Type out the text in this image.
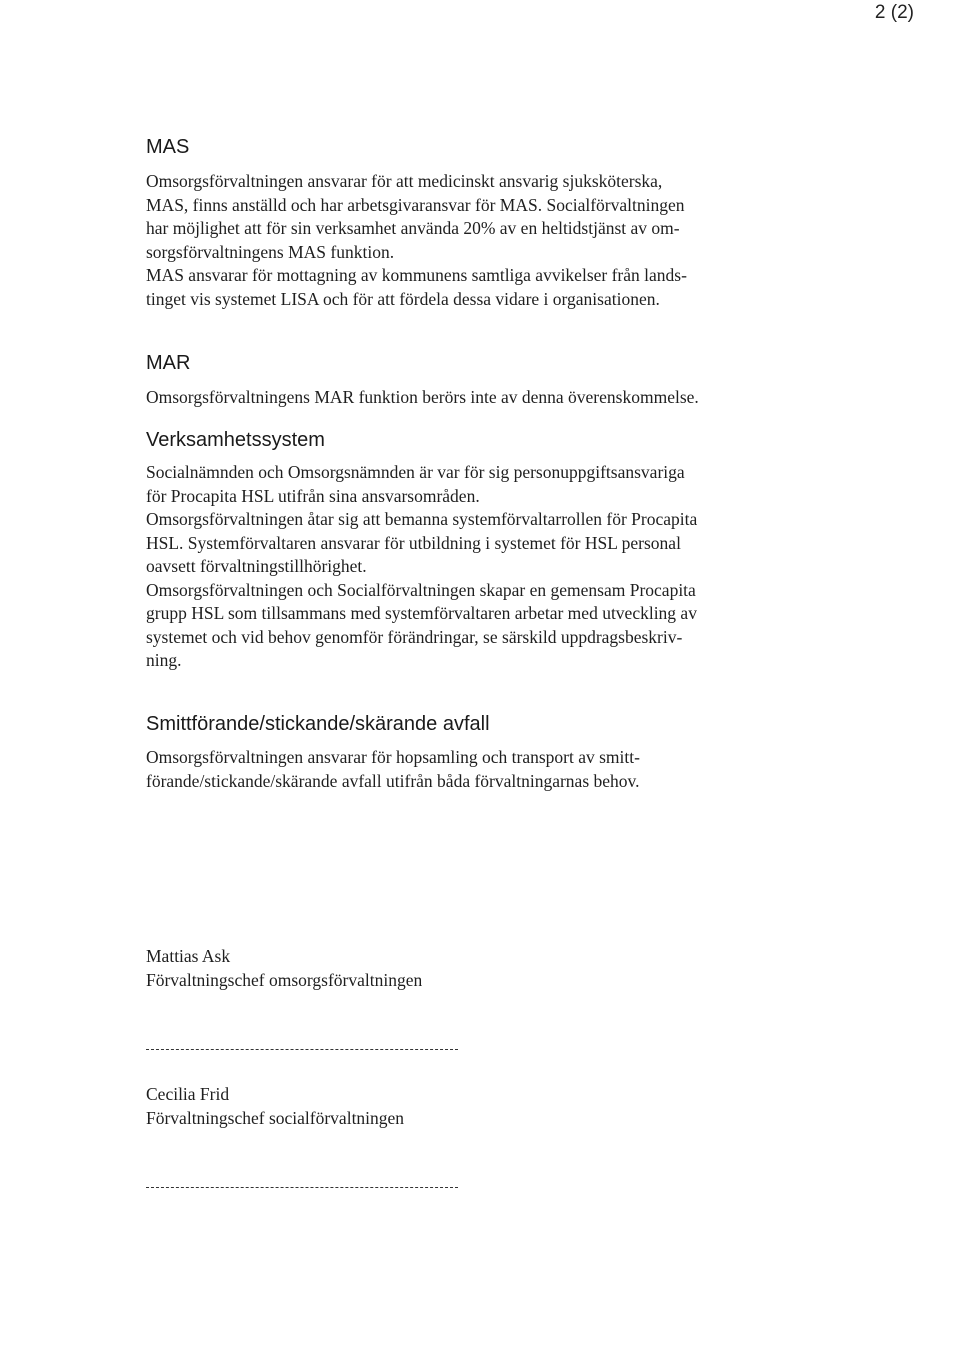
2 (2)
MAS

Omsorgsförvaltningen ansvarar för att medicinskt ansvarig sjuksköterska,
MAS, finns anställd och har arbetsgivaransvar för MAS. Socialförvaltningen
har möjlighet att för sin verksamhet använda 20% av en heltidstjänst av om-
sorgsförvaltningens MAS funktion.
MAS ansvarar för mottagning av kommunens samtliga avvikelser från lands-
tinget vis systemet LISA och för att fördela dessa vidare i organisationen.

MAR

Omsorgsförvaltningens MAR funktion berörs inte av denna överenskommelse.

Verksamhetssystem

Socialnämnden och Omsorgsnämnden är var för sig personuppgiftsansvariga
för Procapita HSL utifrån sina ansvarsområden.
Omsorgsförvaltningen åtar sig att bemanna systemförvaltarrollen för Procapita
HSL. Systemförvaltaren ansvarar för utbildning i systemet för HSL personal
oavsett förvaltningstillhörighet.
Omsorgsförvaltningen och Socialförvaltningen skapar en gemensam Procapita
grupp HSL som tillsammans med systemförvaltaren arbetar med utveckling av
systemet och vid behov genomför förändringar, se särskild uppdragsbeskriv-
ning.

Smittförande/stickande/skärande avfall

Omsorgsförvaltningen ansvarar för hopsamling och transport av smitt-
förande/stickande/skärande avfall utifrån båda förvaltningarnas behov.

Mattias Ask
Förvaltningschef omsorgsförvaltningen

Cecilia Frid
Förvaltningschef socialförvaltningen
